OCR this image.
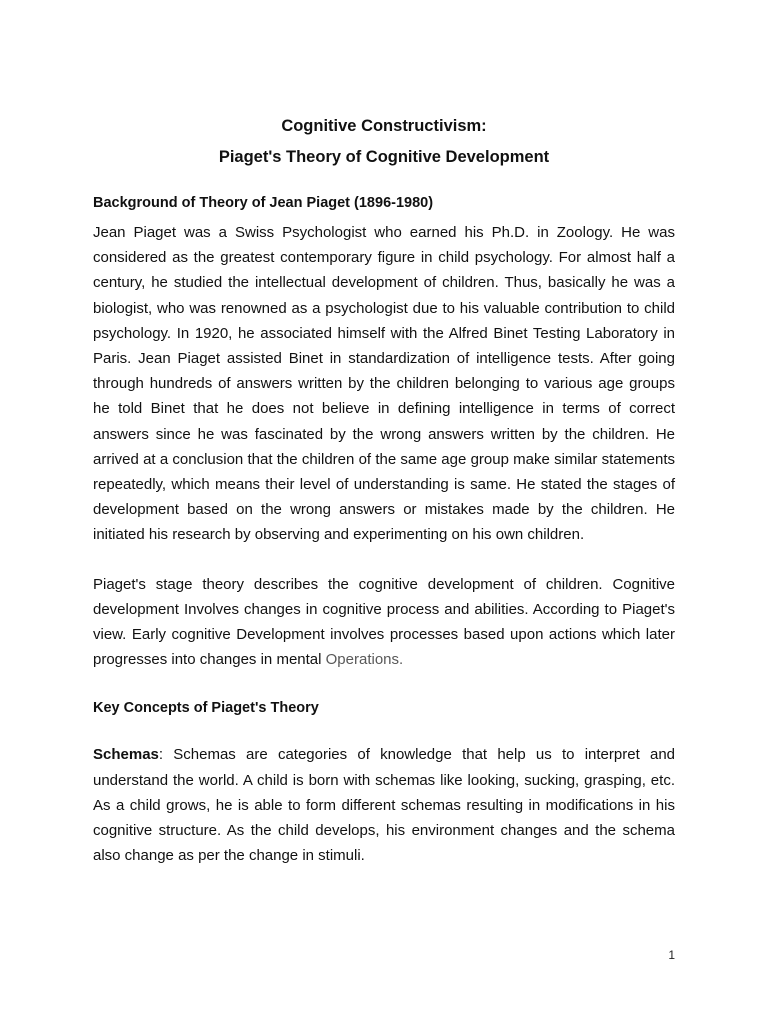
Cognitive Constructivism:

Piaget's Theory of Cognitive Development

Background of Theory of Jean Piaget (1896-1980)

Jean Piaget was a Swiss Psychologist who earned his Ph.D. in Zoology. He was considered as the greatest contemporary figure in child psychology. For almost half a century, he studied the intellectual development of children. Thus, basically he was a biologist, who was renowned as a psychologist due to his valuable contribution to child psychology. In 1920, he associated himself with the Alfred Binet Testing Laboratory in Paris. Jean Piaget assisted Binet in standardization of intelligence tests. After going through hundreds of answers written by the children belonging to various age groups he told Binet that he does not believe in defining intelligence in terms of correct answers since he was fascinated by the wrong answers written by the children. He arrived at a conclusion that the children of the same age group make similar statements repeatedly, which means their level of understanding is same. He stated the stages of development based on the wrong answers or mistakes made by the children. He initiated his research by observing and experimenting on his own children.

Piaget's stage theory describes the cognitive development of children. Cognitive development Involves changes in cognitive process and abilities. According to Piaget's view. Early cognitive Development involves processes based upon actions which later progresses into changes in mental Operations.

Key Concepts of Piaget's Theory

Schemas: Schemas are categories of knowledge that help us to interpret and understand the world. A child is born with schemas like looking, sucking, grasping, etc. As a child grows, he is able to form different schemas resulting in modifications in his cognitive structure. As the child develops, his environment changes and the schema also change as per the change in stimuli.

1
